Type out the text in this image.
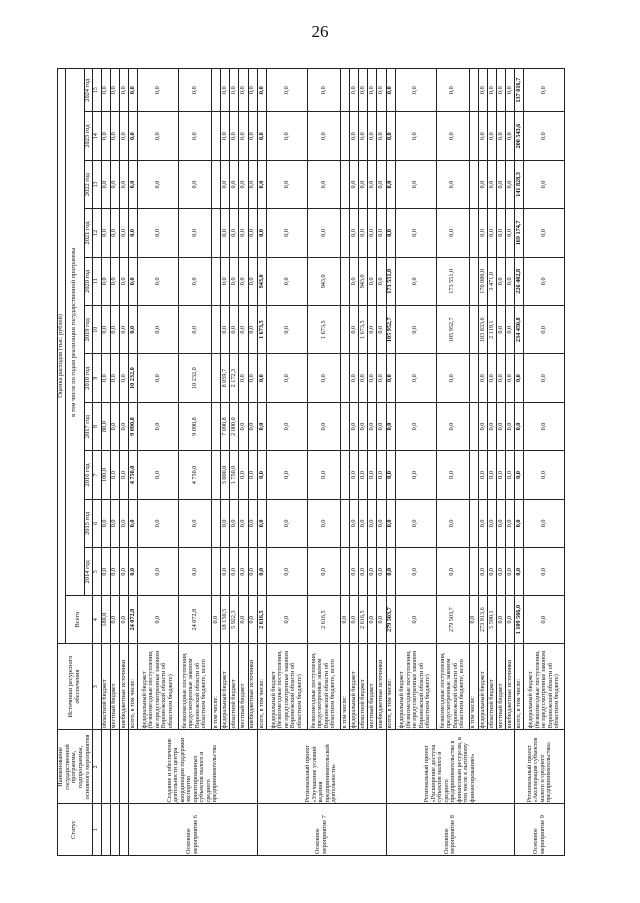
26
Статус	Наименование государственной программы, подпрограммы, основного мероприятия	Источники ресурсного обеспечения	Оценка расходов (тыс. рублей)											
			Всего	в том числе по годам реализации государственной программы										
				2014 год	2015 год	2016 год	2017 год	2018 год	2019 год	2020 год	2021 год	2022 год	2023 год	2024 год
1	2	3	4	5	6	7	8	9	10	11	12	13	14	15
		областной бюджет	180,0	0,0	0,0	100,0	80,0	0,0	0,0	0,0	0,0	0,0	0,0	0,0
		местный бюджет	0,0	0,0	0,0	0,0	0,0	0,0	0,0	0,0	0,0	0,0	0,0	0,0
		внебюджетные источники	0,0	0,0	0,0	0,0	0,0	0,0	0,0	0,0	0,0	0,0	0,0	0,0
Основное мероприятие 6	Создание и обеспечение деятельности центра координации поддержки экспортно ориентированных субъектов малого и среднего предпринимательства	всего, в том числе:	24 072,8	0,0	0,0	4 750,0	9 090,8	10 232,0	0,0	0,0	0,0	0,0	0,0	0,0
		федеральный бюджет (безвозмездные поступления, не предусмотренные законом Воронежской области об областном бюджете)	0,0	0,0	0,0	0,0	0,0	0,0	0,0	0,0	0,0	0,0	0,0	0,0
		безвозмездные поступления, предусмотренные законом Воронежской области об областном бюджете, всего	24 072,8	0,0	0,0	4 750,0	9 090,8	10 232,0	0,0	0,0	0,0	0,0	0,0	0,0
		в том числе:	0,0											
		федеральный бюджет	18 150,5	0,0	0,0	3 000,0	7 090,8	8 059,7	0,0	0,0	0,0	0,0	0,0	0,0
		областной бюджет	5 922,3	0,0	0,0	1 750,0	2 000,0	2 172,3	0,0	0,0	0,0	0,0	0,0	0,0
		местный бюджет	0,0	0,0	0,0	0,0	0,0	0,0	0,0	0,0	0,0	0,0	0,0	0,0
		внебюджетные источники	0,0	0,0	0,0	0,0	0,0	0,0	0,0	0,0	0,0	0,0	0,0	0,0
Основное мероприятие 7	Региональный проект «Улучшение условий ведения предпринимательской деятельности»	всего, в том числе:	2 616,5	0,0	0,0	0,0	0,0	0,0	1 673,5	943,0	0,0	0,0	0,0	0,0
		федеральный бюджет (безвозмездные поступления, не предусмотренные законом Воронежской области об областном бюджете)	0,0	0,0	0,0	0,0	0,0	0,0	0,0	0,0	0,0	0,0	0,0	0,0
		безвозмездные поступления, предусмотренные законом Воронежской области об областном бюджете, всего	2 616,5	0,0	0,0	0,0	0,0	0,0	1 673,5	943,0	0,0	0,0	0,0	0,0
		в том числе:	0,0											
		федеральный бюджет	0,0	0,0	0,0	0,0	0,0	0,0	0,0	0,0	0,0	0,0	0,0	0,0
		областной бюджет	2 616,5	0,0	0,0	0,0	0,0	0,0	1 673,5	943,0	0,0	0,0	0,0	0,0
		местный бюджет	0,0	0,0	0,0	0,0	0,0	0,0	0,0	0,0	0,0	0,0	0,0	0,0
		внебюджетные источники	0,0	0,0	0,0	0,0	0,0	0,0	0,0	0,0	0,0	0,0	0,0	0,0
Основное мероприятие 8	Региональный проект «Расширение доступа субъектов малого и среднего предпринимательства к финансовым ресурсам, в том числе к льготному финансированию»	всего, в том числе:	279 503,7	0,0	0,0	0,0	0,0	0,0	105 952,7	173 551,0	0,0	0,0	0,0	0,0
		федеральный бюджет (безвозмездные поступления, не предусмотренные законом Воронежской области об областном бюджете)	0,0	0,0	0,0	0,0	0,0	0,0	0,0	0,0	0,0	0,0	0,0	0,0
		безвозмездные поступления, предусмотренные законом Воронежской области об областном бюджете, всего	279 503,7	0,0	0,0	0,0	0,0	0,0	105 952,7	173 551,0	0,0	0,0	0,0	0,0
		в том числе:	0,0											
		федеральный бюджет	273 913,6	0,0	0,0	0,0	0,0	0,0	103 833,6	170 080,0	0,0	0,0	0,0	0,0
		областной бюджет	5 590,1	0,0	0,0	0,0	0,0	0,0	2 119,1	3 471,0	0,0	0,0	0,0	0,0
		местный бюджет	0,0	0,0	0,0	0,0	0,0	0,0	0,0	0,0	0,0	0,0	0,0	0,0
		внебюджетные источники	0,0	0,0	0,0	0,0	0,0	0,0	0,0	0,0	0,0	0,0	0,0	0,0
Основное мероприятие 9	Региональный проект «Акселерация субъектов малого и среднего предпринимательства»	всего, в том числе:	1 109 566,0	0,0	0,0	0,0	0,0	0,0	234 450,8	226 402,8	169 174,7	141 828,3	200 543,6	137 016,7
		федеральный бюджет (безвозмездные поступления, не предусмотренные законом Воронежской области об областном бюджете)	0,0	0,0	0,0	0,0	0,0	0,0	0,0	0,0	0,0	0,0	0,0	0,0
